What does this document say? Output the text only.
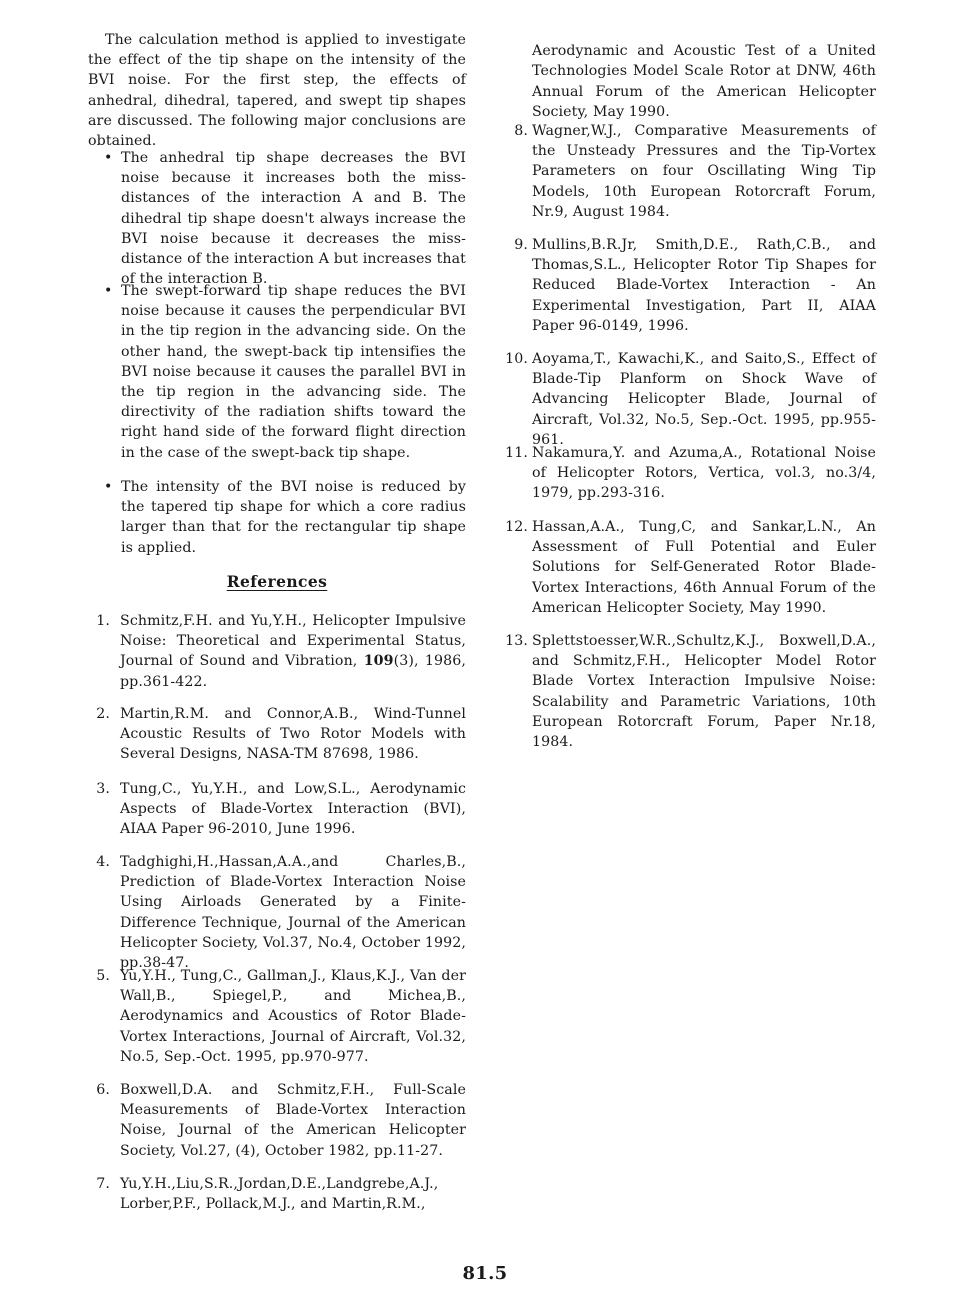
The calculation method is applied to investigate the effect of the tip shape on the intensity of the BVI noise. For the first step, the effects of anhedral, dihedral, tapered, and swept tip shapes are discussed. The following major conclusions are obtained.

• The anhedral tip shape decreases the BVI noise because it increases both the miss-distances of the interaction A and B. The dihedral tip shape doesn't always increase the BVI noise because it decreases the miss-distance of the interaction A but increases that of the interaction B.

• The swept-forward tip shape reduces the BVI noise because it causes the perpendicular BVI in the tip region in the advancing side. On the other hand, the swept-back tip intensifies the BVI noise because it causes the parallel BVI in the tip region in the advancing side. The directivity of the radiation shifts toward the right hand side of the forward flight direction in the case of the swept-back tip shape.

• The intensity of the BVI noise is reduced by the tapered tip shape for which a core radius larger than that for the rectangular tip shape is applied.

References
1. Schmitz,F.H. and Yu,Y.H., Helicopter Impulsive Noise: Theoretical and Experimental Status, Journal of Sound and Vibration, 109(3), 1986, pp.361-422.

2. Martin,R.M. and Connor,A.B., Wind-Tunnel Acoustic Results of Two Rotor Models with Several Designs, NASA-TM 87698, 1986.

3. Tung,C., Yu,Y.H., and Low,S.L., Aerodynamic Aspects of Blade-Vortex Interaction (BVI), AIAA Paper 96-2010, June 1996.

4. Tadghighi,H.,Hassan,A.A.,and Charles,B., Prediction of Blade-Vortex Interaction Noise Using Airloads Generated by a Finite-Difference Technique, Journal of the American Helicopter Society, Vol.37, No.4, October 1992, pp.38-47.

5. Yu,Y.H., Tung,C., Gallman,J., Klaus,K.J., Van der Wall,B., Spiegel,P., and Michea,B., Aerodynamics and Acoustics of Rotor Blade-Vortex Interactions, Journal of Aircraft, Vol.32, No.5, Sep.-Oct. 1995, pp.970-977.

6. Boxwell,D.A. and Schmitz,F.H., Full-Scale Measurements of Blade-Vortex Interaction Noise, Journal of the American Helicopter Society, Vol.27, (4), October 1982, pp.11-27.

7. Yu,Y.H.,Liu,S.R.,Jordan,D.E.,Landgrebe,A.J., Lorber,P.F., Pollack,M.J., and Martin,R.M.,

Aerodynamic and Acoustic Test of a United Technologies Model Scale Rotor at DNW, 46th Annual Forum of the American Helicopter Society, May 1990.

8. Wagner,W.J., Comparative Measurements of the Unsteady Pressures and the Tip-Vortex Parameters on four Oscillating Wing Tip Models, 10th European Rotorcraft Forum, Nr.9, August 1984.

9. Mullins,B.R.Jr, Smith,D.E., Rath,C.B., and Thomas,S.L., Helicopter Rotor Tip Shapes for Reduced Blade-Vortex Interaction - An Experimental Investigation, Part II, AIAA Paper 96-0149, 1996.

10. Aoyama,T., Kawachi,K., and Saito,S., Effect of Blade-Tip Planform on Shock Wave of Advancing Helicopter Blade, Journal of Aircraft, Vol.32, No.5, Sep.-Oct. 1995, pp.955-961.

11. Nakamura,Y. and Azuma,A., Rotational Noise of Helicopter Rotors, Vertica, vol.3, no.3/4, 1979, pp.293-316.

12. Hassan,A.A., Tung,C, and Sankar,L.N., An Assessment of Full Potential and Euler Solutions for Self-Generated Rotor Blade-Vortex Interactions, 46th Annual Forum of the American Helicopter Society, May 1990.

13. Splettstoesser,W.R.,Schultz,K.J., Boxwell,D.A., and Schmitz,F.H., Helicopter Model Rotor Blade Vortex Interaction Impulsive Noise: Scalability and Parametric Variations, 10th European Rotorcraft Forum, Paper Nr.18, 1984.

81.5
